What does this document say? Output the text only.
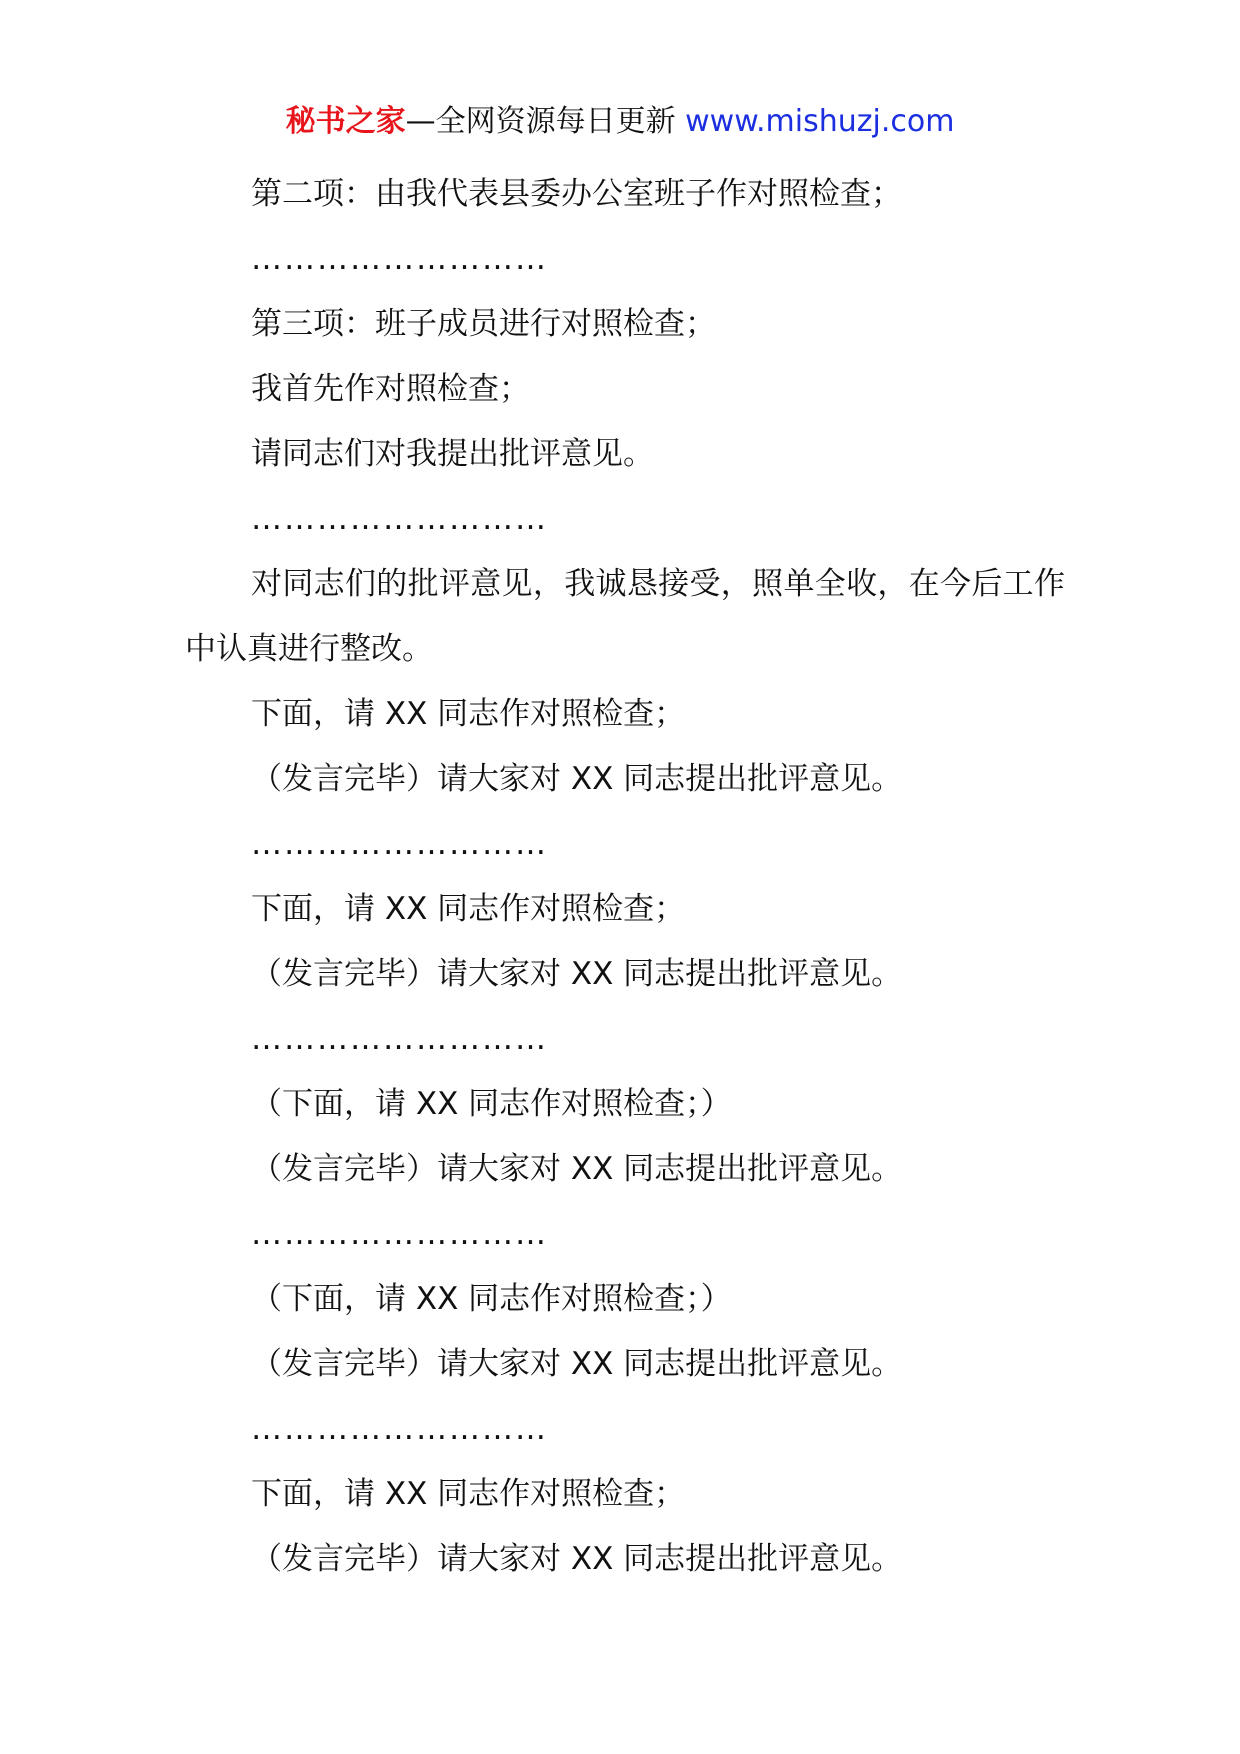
秘书之家—全网资源每日更新 www.mishuzj.com

第二项：由我代表县委办公室班子作对照检查；

………………………

第三项：班子成员进行对照检查；

我首先作对照检查；

请同志们对我提出批评意见。

………………………

对同志们的批评意见，我诚恳接受，照单全收，在今后工作中认真进行整改。

下面，请 XX 同志作对照检查；

（发言完毕）请大家对 XX 同志提出批评意见。

………………………

下面，请 XX 同志作对照检查；

（发言完毕）请大家对 XX 同志提出批评意见。

………………………

（下面，请 XX 同志作对照检查；）

（发言完毕）请大家对 XX 同志提出批评意见。

………………………

（下面，请 XX 同志作对照检查；）

（发言完毕）请大家对 XX 同志提出批评意见。

………………………

下面，请 XX 同志作对照检查；

（发言完毕）请大家对 XX 同志提出批评意见。
